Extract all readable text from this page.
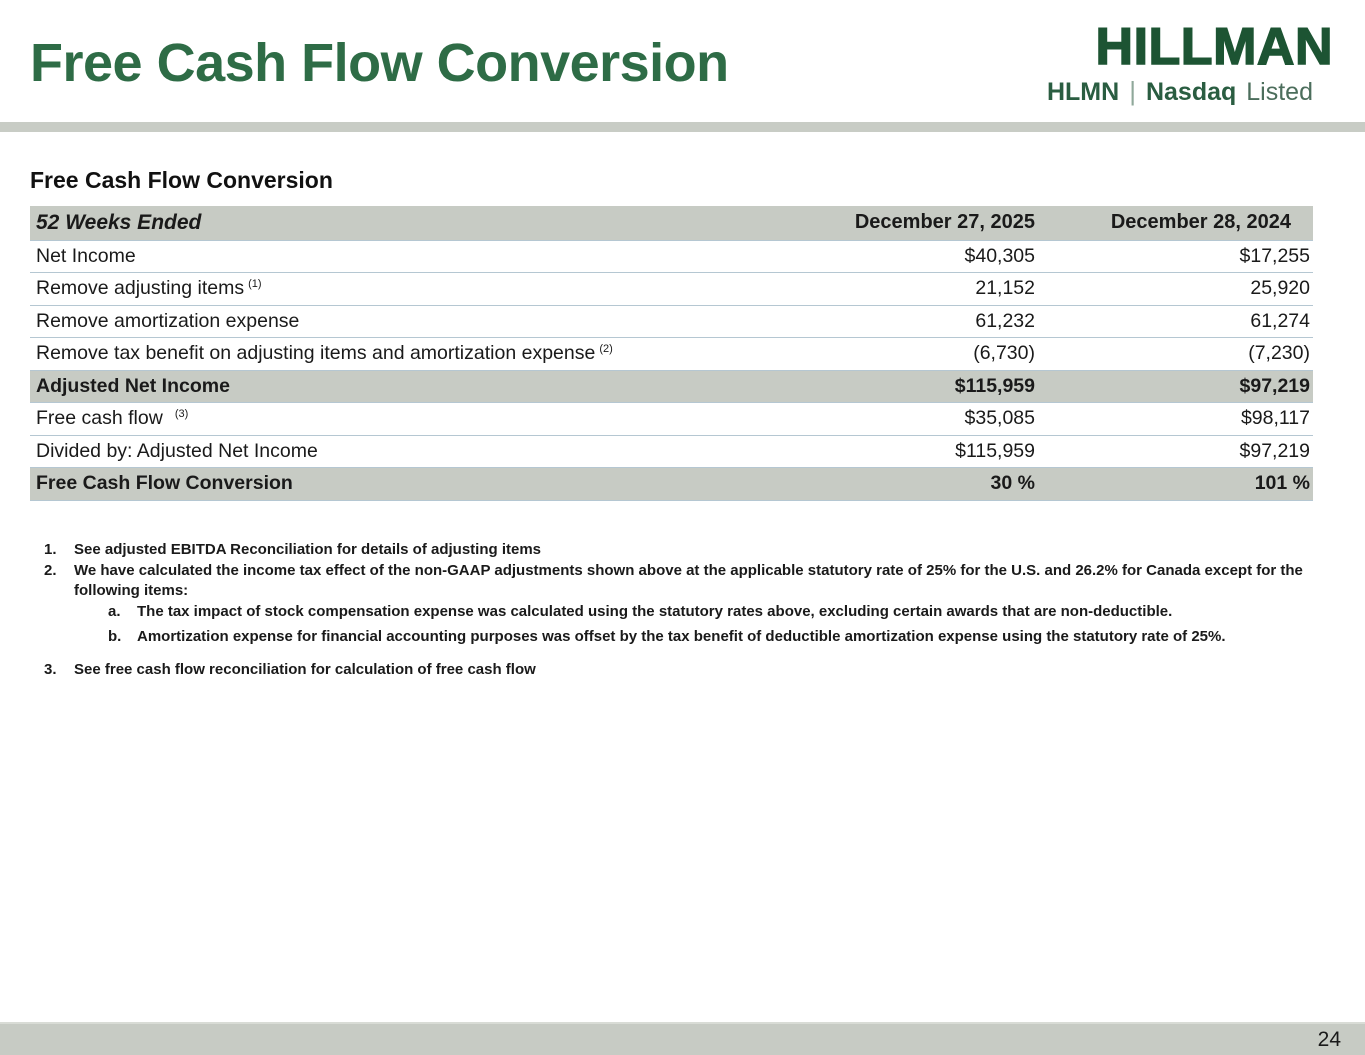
Free Cash Flow Conversion	HILLMAN
HLMN | Nasdaq Listed
Free Cash Flow Conversion
52 Weeks Ended	December 27, 2025	December 28, 2024
Net Income	$40,305	$17,255
Remove adjusting items $^{(1)}$	21,152	25,920
Remove amortization expense	61,232	61,274
Remove tax benefit on adjusting items and amortization expense $^{(2)}$	(6,730)	(7,230)
Adjusted Net Income	$115,959	$97,219
Free cash flow $^{(3)}$	$35,085	$98,117
Divided by: Adjusted Net Income	$115,959	$97,219
Free Cash Flow Conversion	30 %	101 %
1.	See adjusted EBITDA Reconciliation for details of adjusting items
2.	We have calculated the income tax effect of the non-GAAP adjustments shown above at the applicable statutory rate of 25% for the U.S. and 26.2% for Canada except for the following items:
a.	The tax impact of stock compensation expense was calculated using the statutory rates above, excluding certain awards that are non-deductible.
b.	Amortization expense for financial accounting purposes was offset by the tax benefit of deductible amortization expense using the statutory rate of 25%.
3.	See free cash flow reconciliation for calculation of free cash flow
24
